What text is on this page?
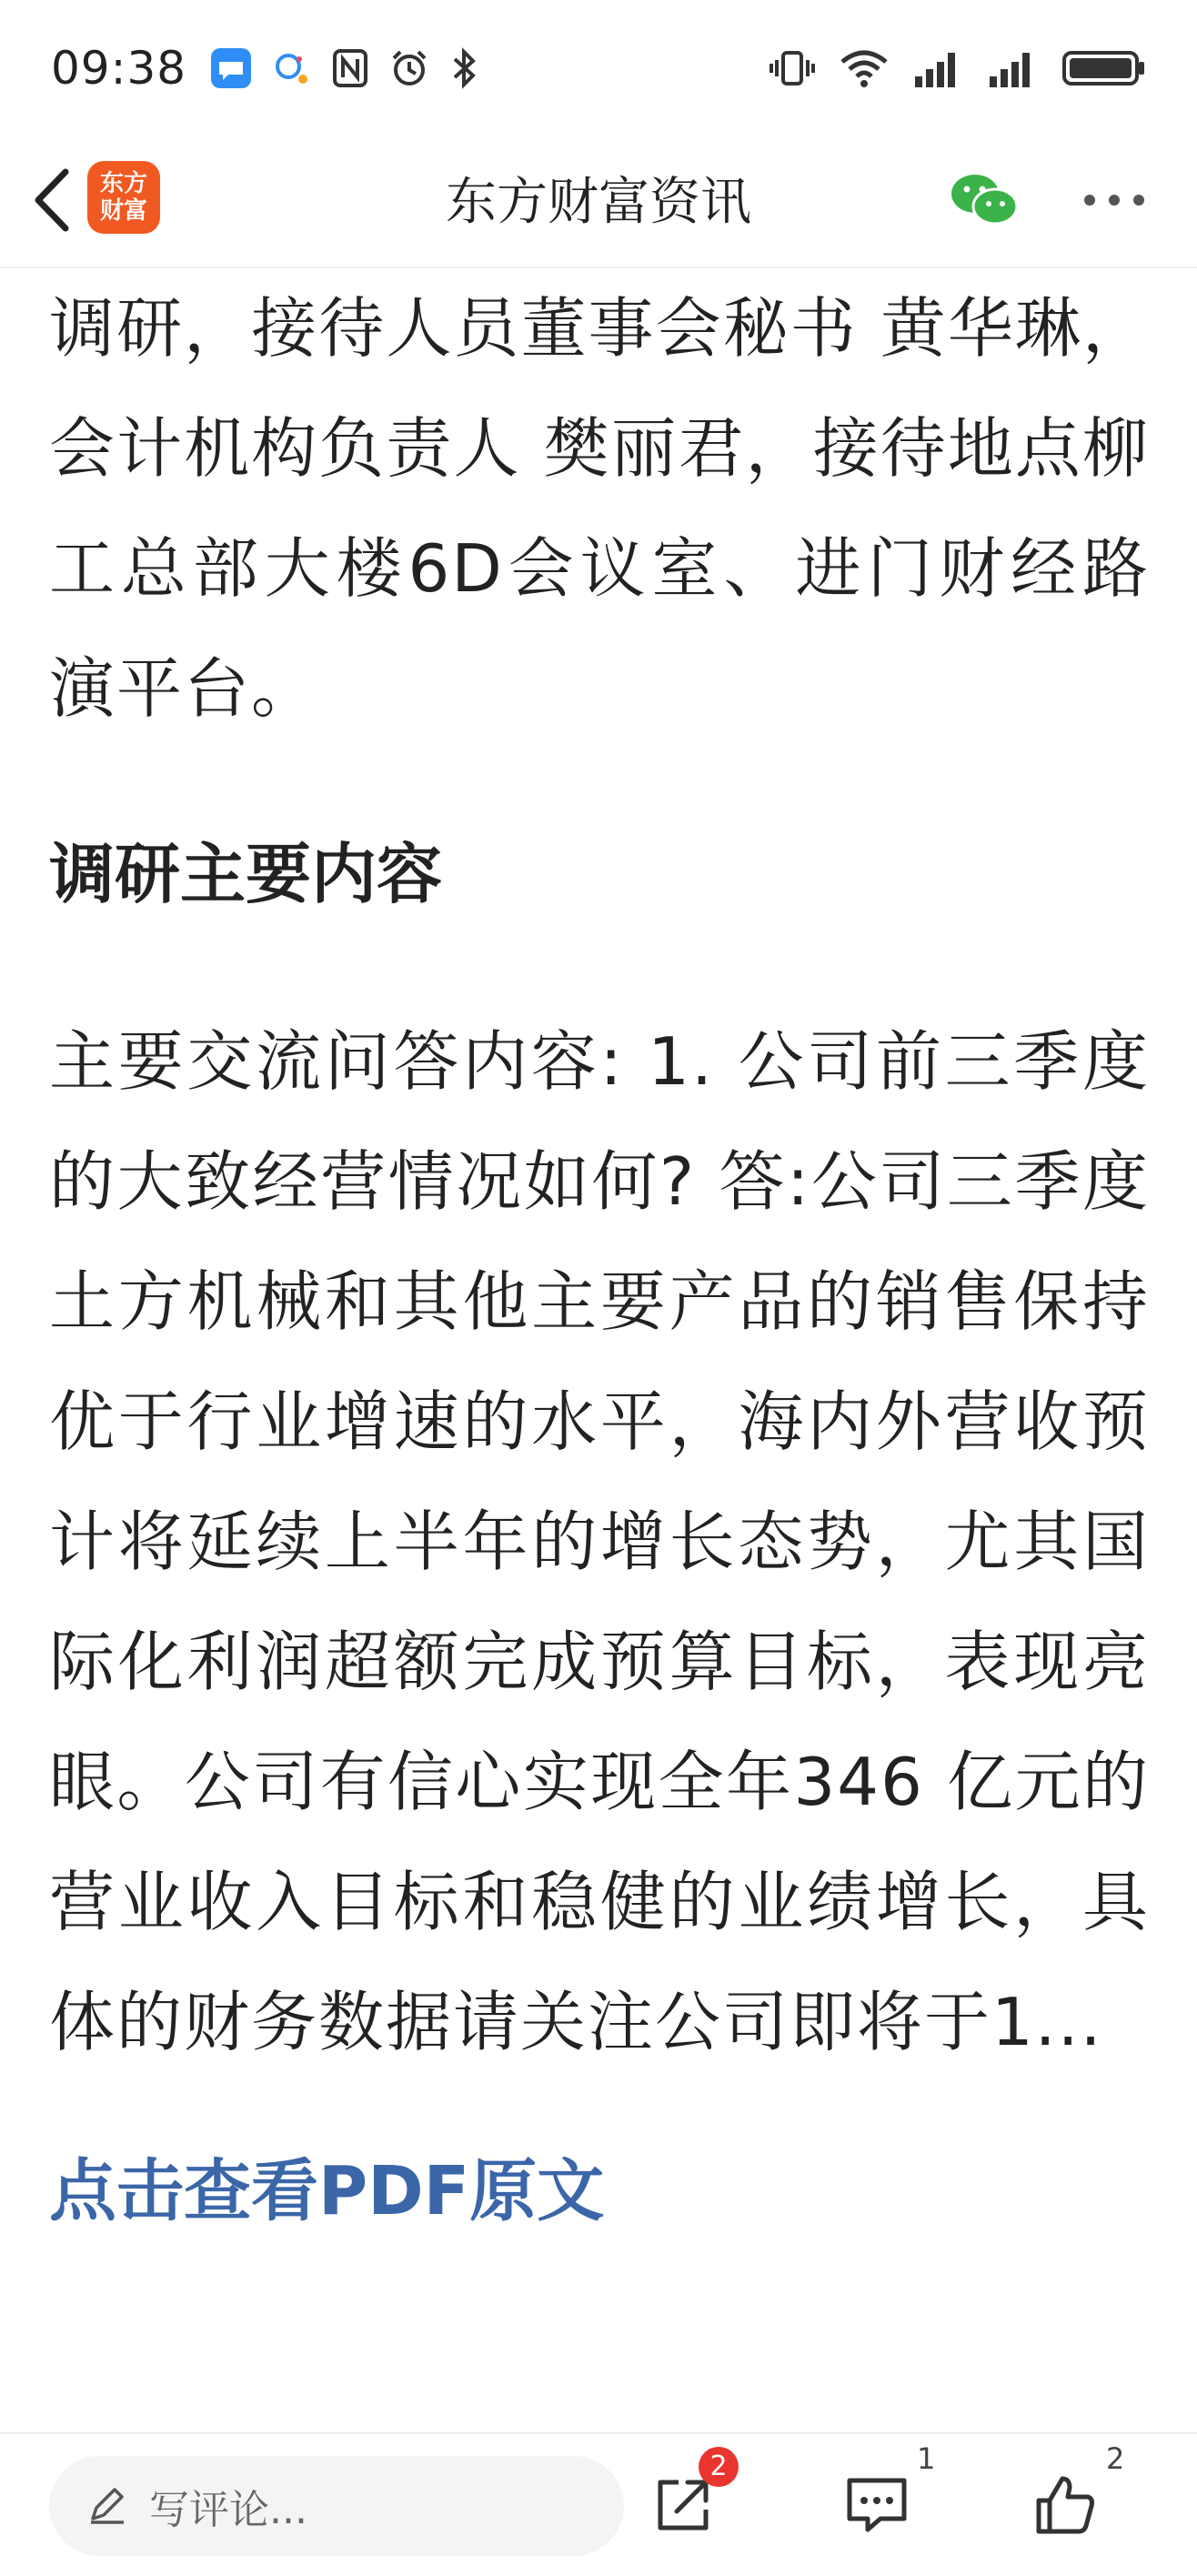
09:38
东方
财富	东方财富资讯

调研，接待人员董事会秘书 黄华琳，会计机构负责人 樊丽君，接待地点柳工总部大楼6D会议室、进门财经路演平台。

调研主要内容

主要交流问答内容: 1. 公司前三季度的大致经营情况如何? 答:公司三季度土方机械和其他主要产品的销售保持优于行业增速的水平，海内外营收预计将延续上半年的增长态势，尤其国际化利润超额完成预算目标，表现亮眼。公司有信心实现全年346 亿元的营业收入目标和稳健的业绩增长，具体的财务数据请关注公司即将于1...

点击查看PDF原文
写评论...
2	1	2
